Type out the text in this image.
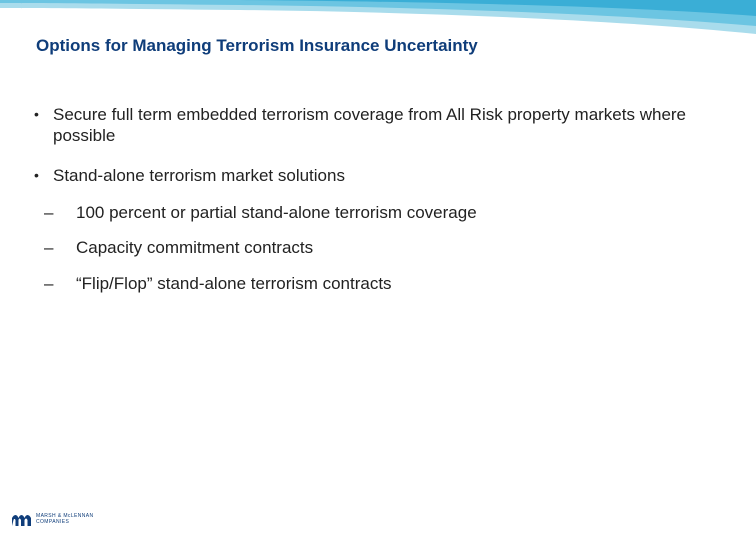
Options for Managing Terrorism Insurance Uncertainty
• Secure full term embedded terrorism coverage from All Risk property markets where possible
• Stand-alone terrorism market solutions
– 100 percent or partial stand-alone terrorism coverage
– Capacity commitment contracts
– “Flip/Flop” stand-alone terrorism contracts
MARSH & McLENNAN
COMPANIES
